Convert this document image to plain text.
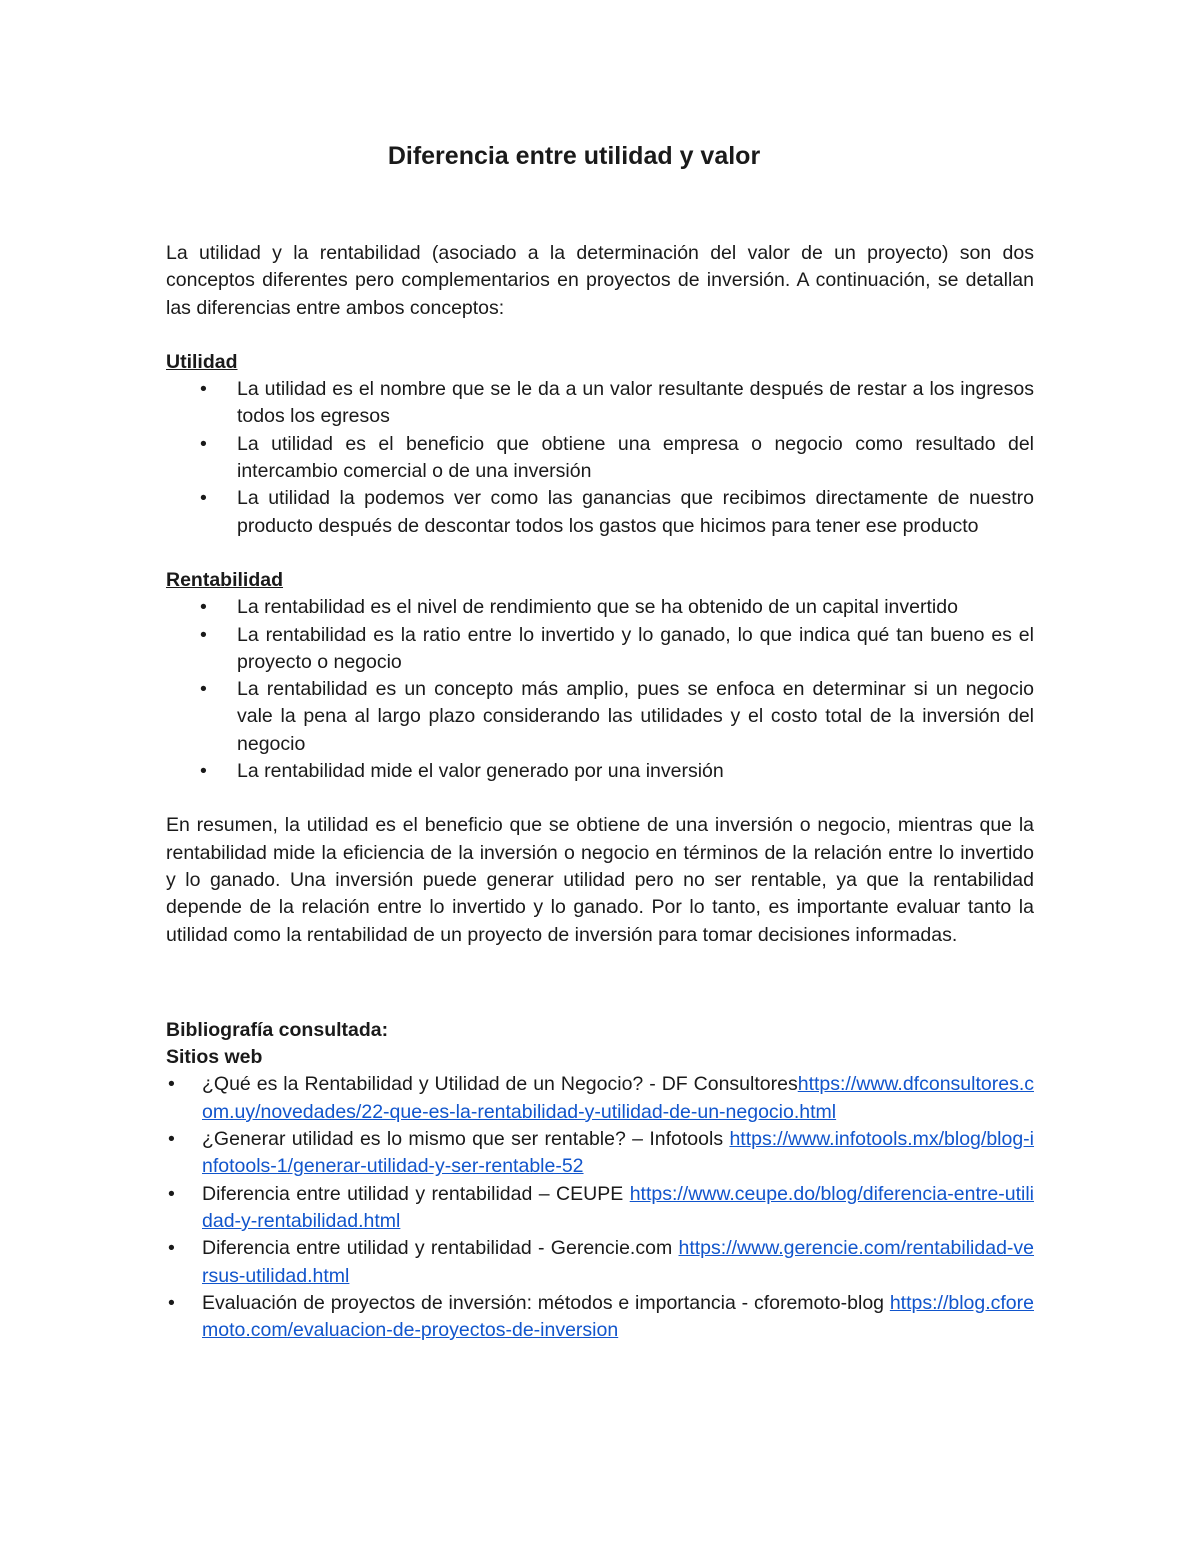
Diferencia entre utilidad y valor

La utilidad y la rentabilidad (asociado a la determinación del valor de un proyecto) son dos conceptos diferentes pero complementarios en proyectos de inversión. A continuación, se detallan las diferencias entre ambos conceptos:

Utilidad

• La utilidad es el nombre que se le da a un valor resultante después de restar a los ingresos todos los egresos
• La utilidad es el beneficio que obtiene una empresa o negocio como resultado del intercambio comercial o de una inversión
• La utilidad la podemos ver como las ganancias que recibimos directamente de nuestro producto después de descontar todos los gastos que hicimos para tener ese producto

Rentabilidad

• La rentabilidad es el nivel de rendimiento que se ha obtenido de un capital invertido
• La rentabilidad es la ratio entre lo invertido y lo ganado, lo que indica qué tan bueno es el proyecto o negocio
• La rentabilidad es un concepto más amplio, pues se enfoca en determinar si un negocio vale la pena al largo plazo considerando las utilidades y el costo total de la inversión del negocio
• La rentabilidad mide el valor generado por una inversión

En resumen, la utilidad es el beneficio que se obtiene de una inversión o negocio, mientras que la rentabilidad mide la eficiencia de la inversión o negocio en términos de la relación entre lo invertido y lo ganado. Una inversión puede generar utilidad pero no ser rentable, ya que la rentabilidad depende de la relación entre lo invertido y lo ganado. Por lo tanto, es importante evaluar tanto la utilidad como la rentabilidad de un proyecto de inversión para tomar decisiones informadas.

Bibliografía consultada:

Sitios web

• ¿Qué es la Rentabilidad y Utilidad de un Negocio? - DF Consultoreshttps://www.dfconsultores.com.uy/novedades/22-que-es-la-rentabilidad-y-utilidad-de-un-negocio.html
• ¿Generar utilidad es lo mismo que ser rentable? – Infotools https://www.infotools.mx/blog/blog-infotools-1/generar-utilidad-y-ser-rentable-52
• Diferencia entre utilidad y rentabilidad – CEUPE https://www.ceupe.do/blog/diferencia-entre-utilidad-y-rentabilidad.html
• Diferencia entre utilidad y rentabilidad - Gerencie.com https://www.gerencie.com/rentabilidad-versus-utilidad.html
• Evaluación de proyectos de inversión: métodos e importancia - cforemoto-blog https://blog.cforemoto.com/evaluacion-de-proyectos-de-inversion
